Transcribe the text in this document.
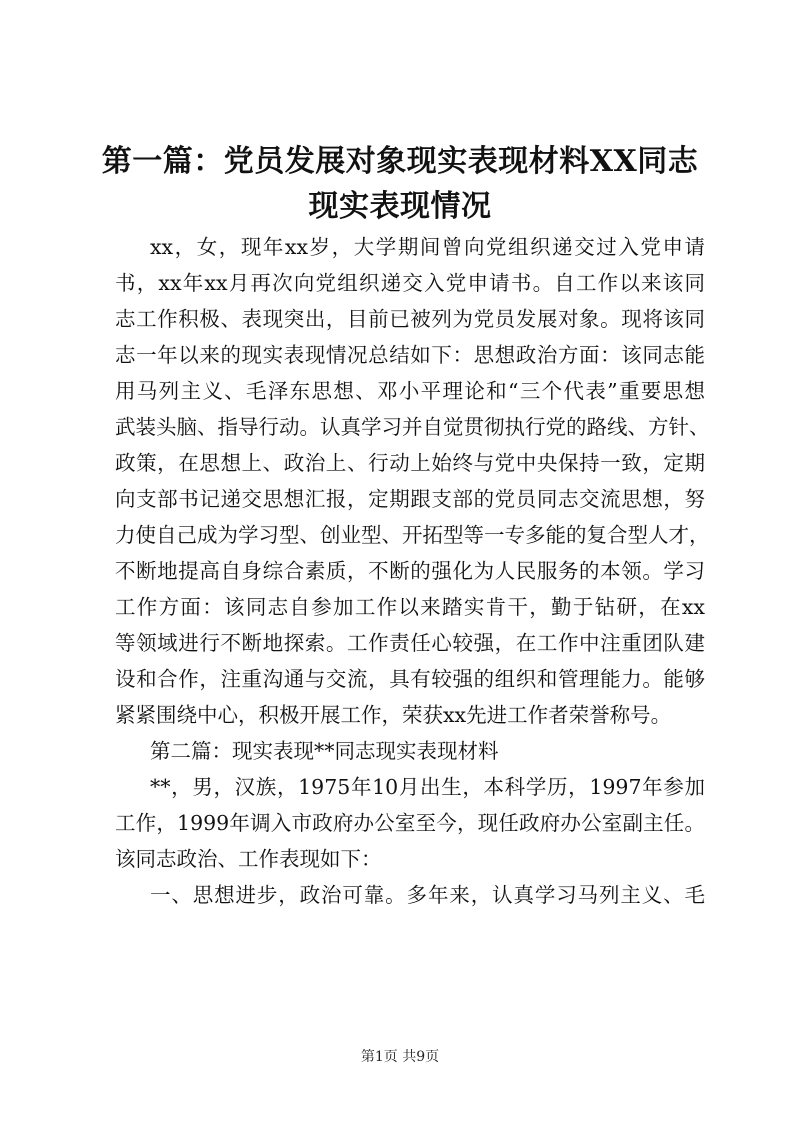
第一篇：党员发展对象现实表现材料XX同志
现实表现情况
xx，女，现年xx岁，大学期间曾向党组织递交过入党申请
书，xx年xx月再次向党组织递交入党申请书。自工作以来该同
志工作积极、表现突出，目前已被列为党员发展对象。现将该同
志一年以来的现实表现情况总结如下：思想政治方面：该同志能
用马列主义、毛泽东思想、邓小平理论和“三个代表”重要思想
武装头脑、指导行动。认真学习并自觉贯彻执行党的路线、方针、
政策，在思想上、政治上、行动上始终与党中央保持一致，定期
向支部书记递交思想汇报，定期跟支部的党员同志交流思想，努
力使自己成为学习型、创业型、开拓型等一专多能的复合型人才，
不断地提高自身综合素质，不断的强化为人民服务的本领。学习
工作方面：该同志自参加工作以来踏实肯干，勤于钻研，在xx
等领域进行不断地探索。工作责任心较强，在工作中注重团队建
设和合作，注重沟通与交流，具有较强的组织和管理能力。能够
紧紧围绕中心，积极开展工作，荣获xx先进工作者荣誉称号。
第二篇：现实表现**同志现实表现材料
**，男，汉族，1975年10月出生，本科学历，1997年参加
工作，1999年调入市政府办公室至今，现任政府办公室副主任。
该同志政治、工作表现如下：
一、思想进步，政治可靠。多年来，认真学习马列主义、毛
第1页 共9页
